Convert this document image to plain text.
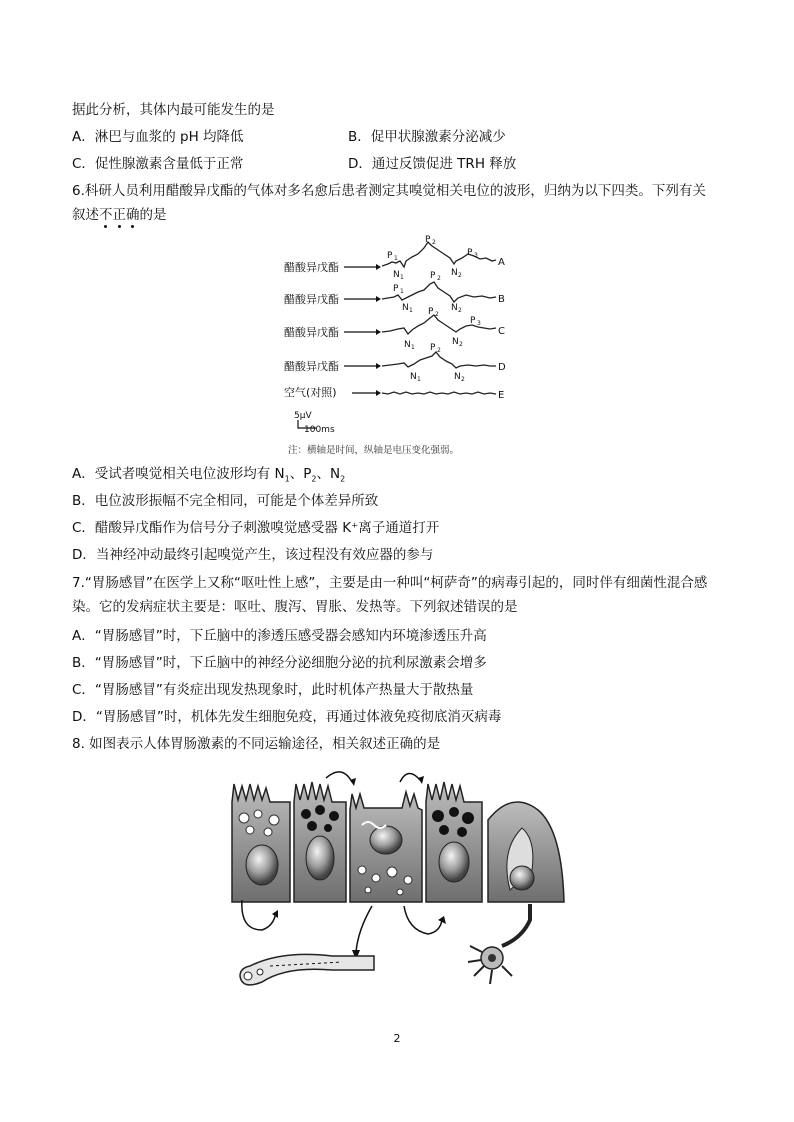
据此分析，其体内最可能发生的是
A．淋巴与血浆的 pH 均降低	B．促甲状腺激素分泌减少
C．促性腺激素含量低于正常	D．通过反馈促进 TRH 释放
6.科研人员利用醋酸异戊酯的气体对多名愈后患者测定其嗅觉相关电位的波形，归纳为以下四类。下列有关
叙述不正确的是
醋酸异戊酯
P 1
N 1
P 2
N 2
P 3
A
醋酸异戊酯
P 1
N 1
P 2
N 2
B
醋酸异戊酯
N 1
P 2
N 2
P 3
C
醋酸异戊酯
N 1
P 2
N 2
D
空气(对照)	E
5μV
100ms
注：横轴是时间，纵轴是电压变化强弱。
A．受试者嗅觉相关电位波形均有 $N_1$、$P_2$、$N_2$
B．电位波形振幅不完全相同，可能是个体差异所致
C．醋酸异戊酯作为信号分子刺激嗅觉感受器 K⁺离子通道打开
D．当神经冲动最终引起嗅觉产生，该过程没有效应器的参与
7.“胃肠感冒”在医学上又称“呕吐性上感”，主要是由一种叫“柯萨奇”的病毒引起的，同时伴有细菌性混合感
染。它的发病症状主要是：呕吐、腹泻、胃胀、发热等。下列叙述错误的是
A．“胃肠感冒”时，下丘脑中的渗透压感受器会感知内环境渗透压升高
B．“胃肠感冒”时，下丘脑中的神经分泌细胞分泌的抗利尿激素会增多
C．“胃肠感冒”有炎症出现发热现象时，此时机体产热量大于散热量
D．“胃肠感冒”时，机体先发生细胞免疫，再通过体液免疫彻底消灭病毒
8. 如图表示人体胃肠激素的不同运输途径，相关叙述正确的是
2
